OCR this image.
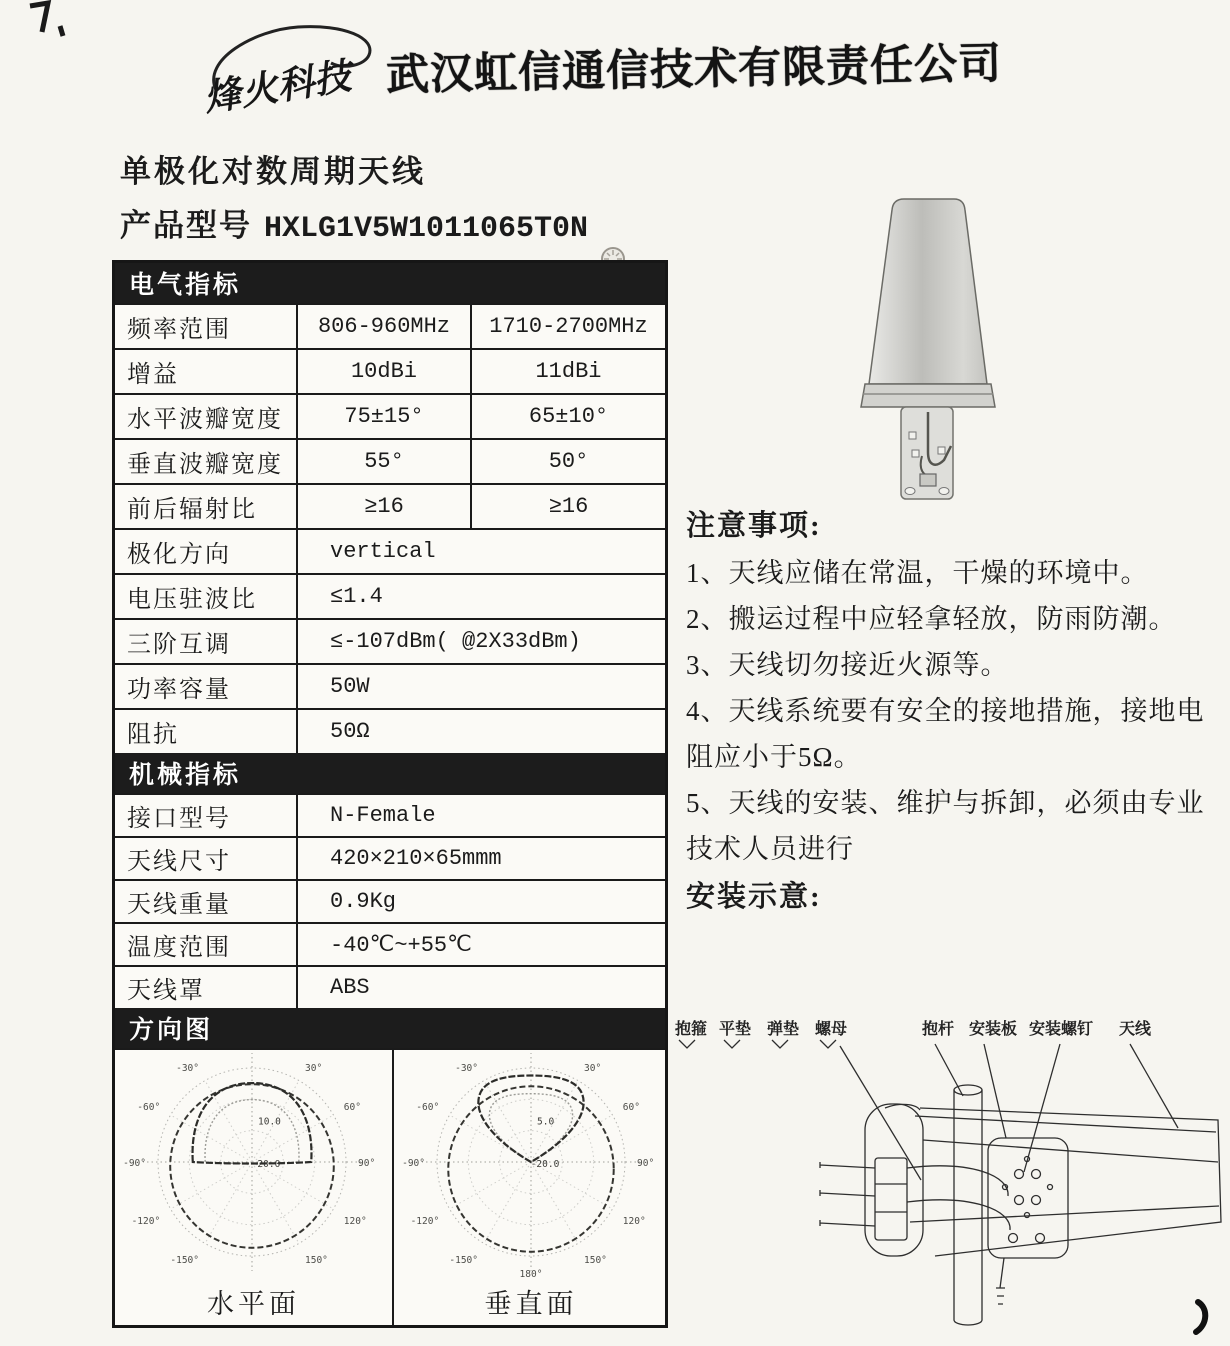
烽火科技 武汉虹信通信技术有限责任公司
单极化对数周期天线
产品型号 HXLG1V5W1011065T0N
电气指标
频率范围	806-960MHz	1710-2700MHz
增益	10dBi	11dBi
水平波瓣宽度	75±15°	65±10°
垂直波瓣宽度	55°	50°
前后辐射比	≥16	≥16
极化方向	vertical
电压驻波比	≤1.4
三阶互调	≤-107dBm( @2X33dBm)
功率容量	50W
阻抗	50Ω
机械指标
接口型号	N-Female
天线尺寸	420×210×65mmm
天线重量	0.9Kg
温度范围	-40℃~+55℃
天线罩	ABS
方向图
-30°	30°
-60°	60°
-90°	90°
-120°	120°
-150°	150°
10.0
-20.0
水平面
-30°	30°
-60°	60°
-90°	90°
-120°	120°
-150°	150°
180°
5.0
-20.0
垂直面
注意事项:

1、天线应储在常温，干燥的环境中。

2、搬运过程中应轻拿轻放，防雨防潮。

3、天线切勿接近火源等。

4、天线系统要有安全的接地措施，接地电阻应小于5Ω。

5、天线的安装、维护与拆卸，必须由专业技术人员进行

安装示意:
抱箍 平垫 弹垫 螺母	抱杆 安装板 安装螺钉 天线
